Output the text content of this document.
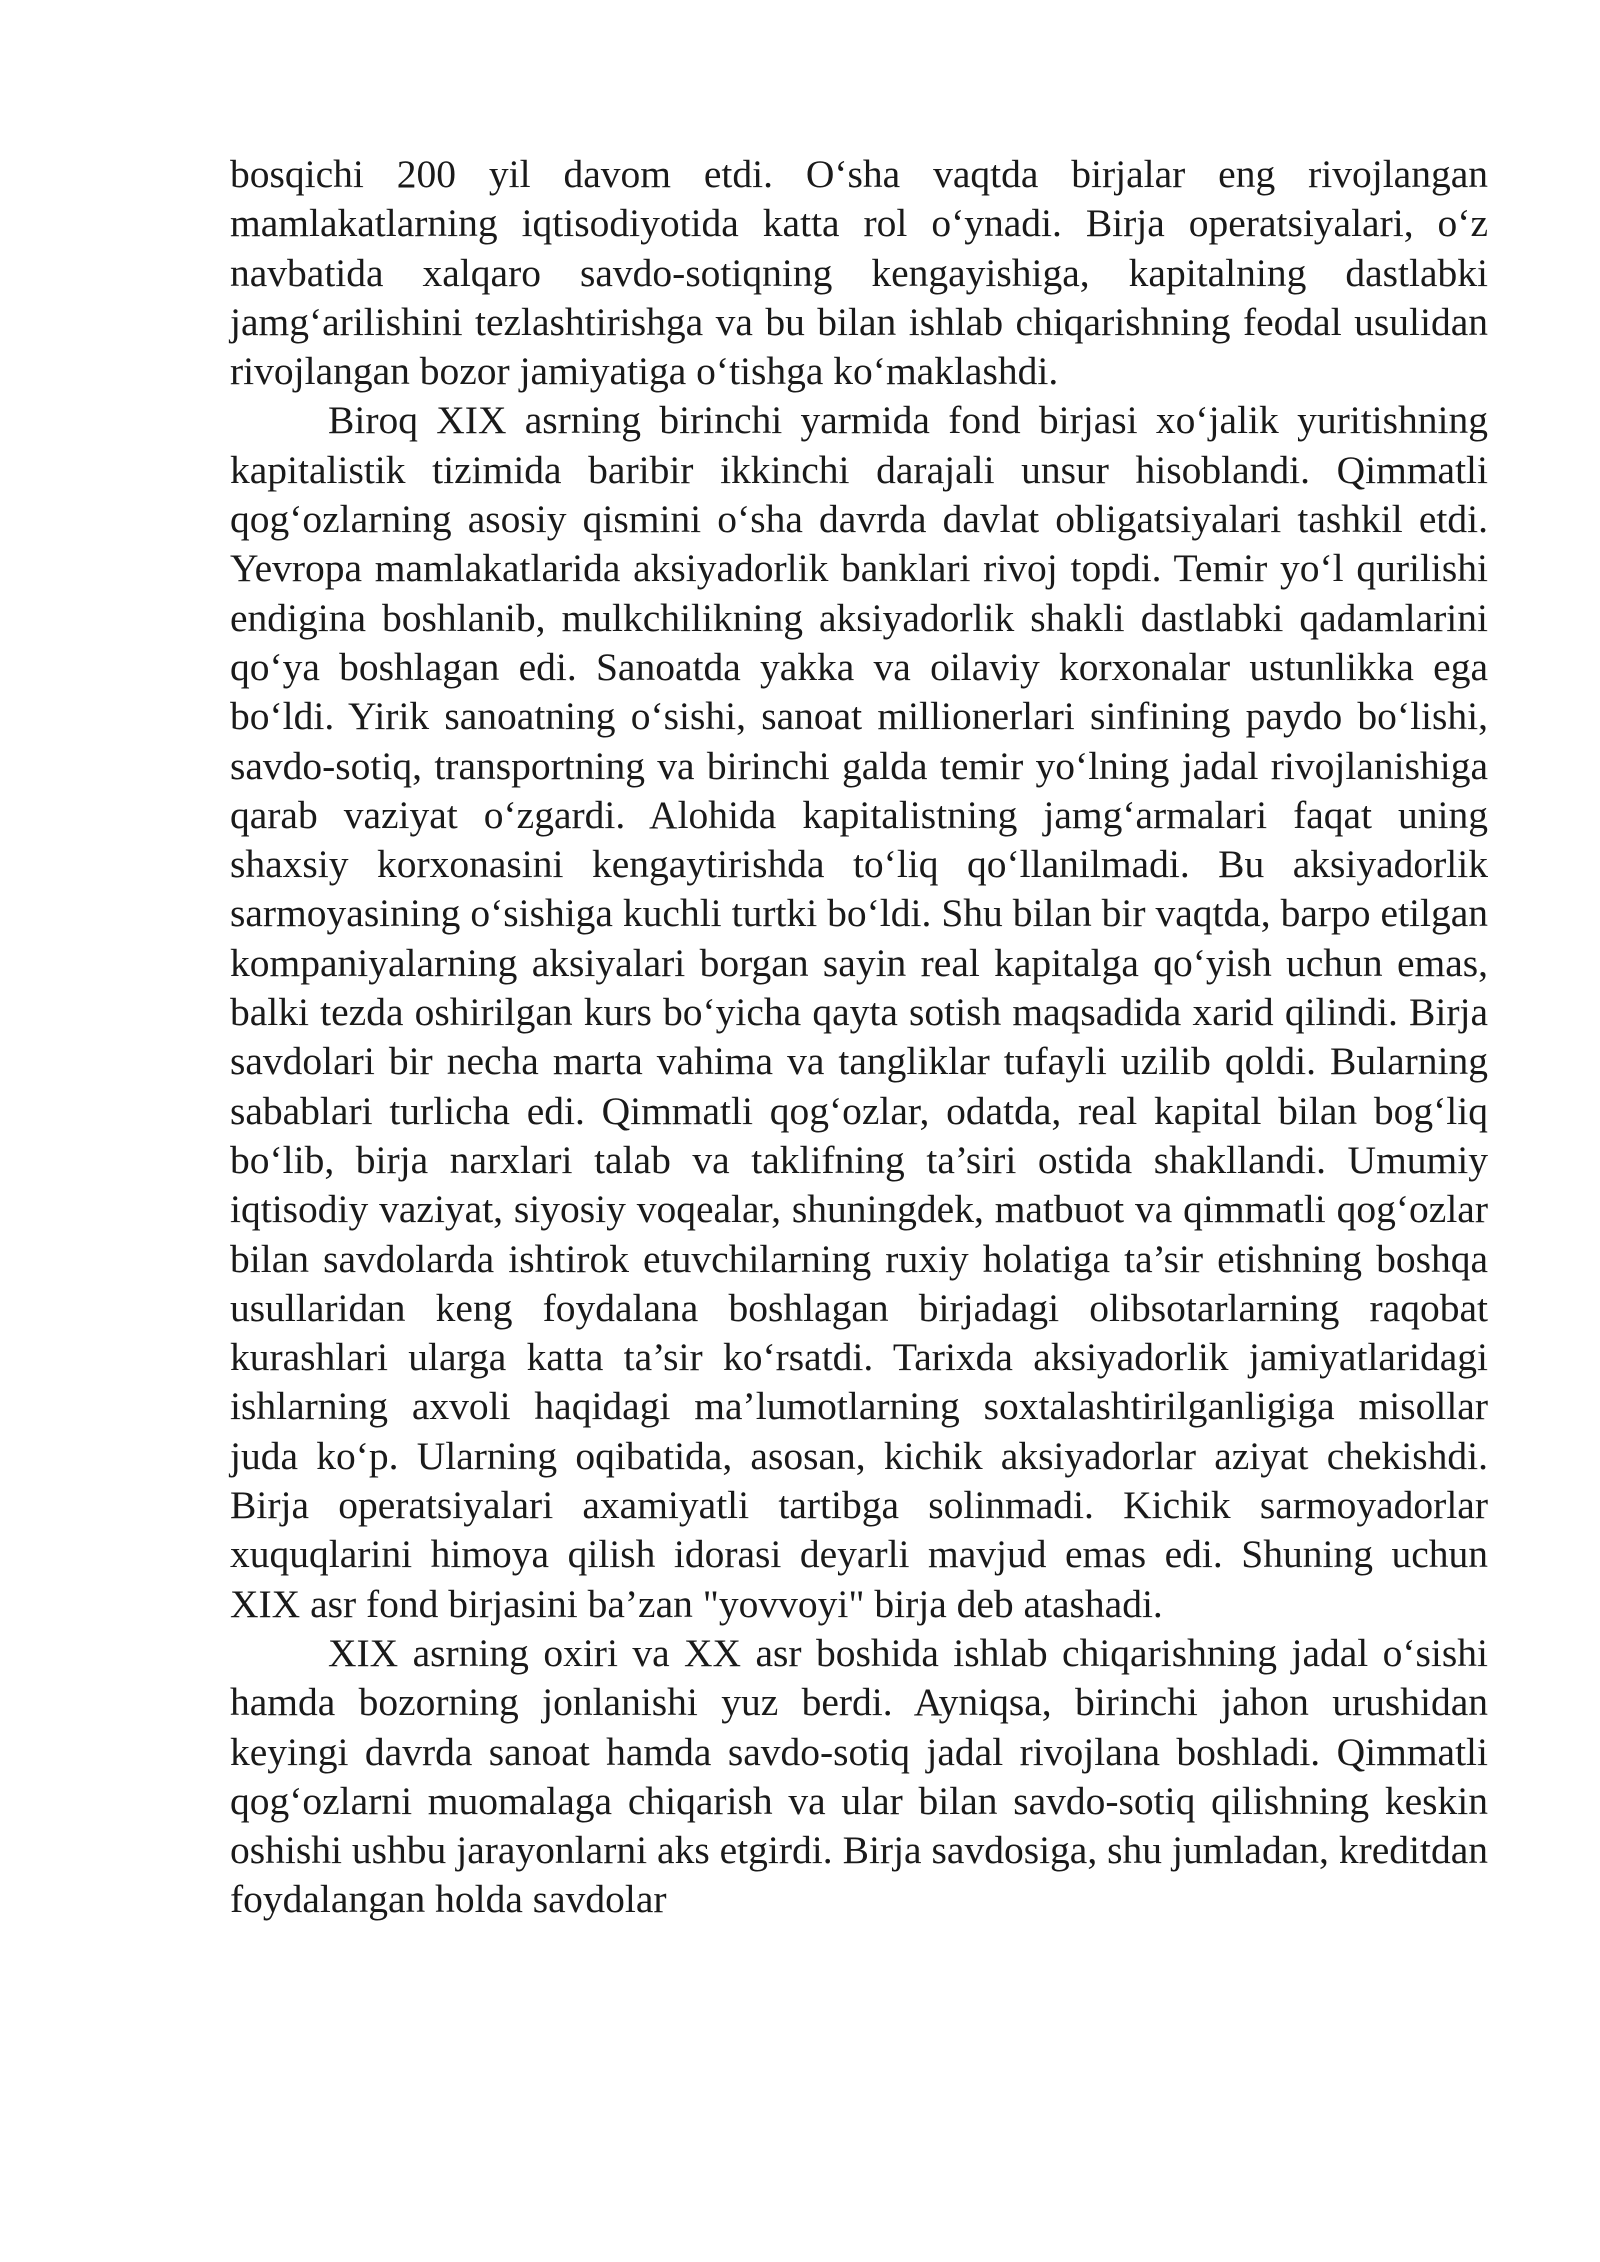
bosqichi 200 yil davom etdi. O‘sha vaqtda birjalar eng rivojlangan mamlakatlarning iqtisodiyotida katta rol o‘ynadi. Birja operatsiyalari, o‘z navbatida xalqaro savdo-sotiqning kengayishiga, kapitalning dastlabki jamg‘arilishini tezlashtirishga va bu bilan ishlab chiqarishning feodal usulidan rivojlangan bozor jamiyatiga o‘tishga ko‘maklashdi.

Biroq XIX asrning birinchi yarmida fond birjasi xo‘jalik yuritishning kapitalistik tizimida baribir ikkinchi darajali unsur hisoblandi. Qimmatli qog‘ozlarning asosiy qismini o‘sha davrda davlat obligatsiyalari tashkil etdi. Yevropa mamlakatlarida aksiyadorlik banklari rivoj topdi. Temir yo‘l qurilishi endigina boshlanib, mulkchilikning aksiyadorlik shakli dastlabki qadamlarini qo‘ya boshlagan edi. Sanoatda yakka va oilaviy korxonalar ustunlikka ega bo‘ldi. Yirik sanoatning o‘sishi, sanoat millionerlari sinfining paydo bo‘lishi, savdo-sotiq, transportning va birinchi galda temir yo‘lning jadal rivojlanishiga qarab vaziyat o‘zgardi. Alohida kapitalistning jamg‘armalari faqat uning shaxsiy korxonasini kengaytirishda to‘liq qo‘llanilmadi. Bu aksiyadorlik sarmoyasining o‘sishiga kuchli turtki bo‘ldi. Shu bilan bir vaqtda, barpo etilgan kompaniyalarning aksiyalari borgan sayin real kapitalga qo‘yish uchun emas, balki tezda oshirilgan kurs bo‘yicha qayta sotish maqsadida xarid qilindi. Birja savdolari bir necha marta vahima va tangliklar tufayli uzilib qoldi. Bularning sabablari turlicha edi. Qimmatli qog‘ozlar, odatda, real kapital bilan bog‘liq bo‘lib, birja narxlari talab va taklifning ta’siri ostida shakllandi. Umumiy iqtisodiy vaziyat, siyosiy voqealar, shuningdek, matbuot va qimmatli qog‘ozlar bilan savdolarda ishtirok etuvchilarning ruxiy holatiga ta’sir etishning boshqa usullaridan keng foydalana boshlagan birjadagi olibsotarlarning raqobat kurashlari ularga katta ta’sir ko‘rsatdi. Tarixda aksiyadorlik jamiyatlaridagi ishlarning axvoli haqidagi ma’lumotlarning soxtalashtirilganligiga misollar juda ko‘p. Ularning oqibatida, asosan, kichik aksiyadorlar aziyat chekishdi. Birja operatsiyalari axamiyatli tartibga solinmadi. Kichik sarmoyadorlar xuquqlarini himoya qilish idorasi deyarli mavjud emas edi. Shuning uchun XIX asr fond birjasini ba’zan "yovvoyi" birja deb atashadi.

XIX asrning oxiri va XX asr boshida ishlab chiqarishning jadal o‘sishi hamda bozorning jonlanishi yuz berdi. Ayniqsa, birinchi jahon urushidan keyingi davrda sanoat hamda savdo-sotiq jadal rivojlana boshladi. Qimmatli qog‘ozlarni muomalaga chiqarish va ular bilan savdo-sotiq qilishning keskin oshishi ushbu jarayonlarni aks etgirdi. Birja savdosiga, shu jumladan, kreditdan foydalangan holda savdolar
